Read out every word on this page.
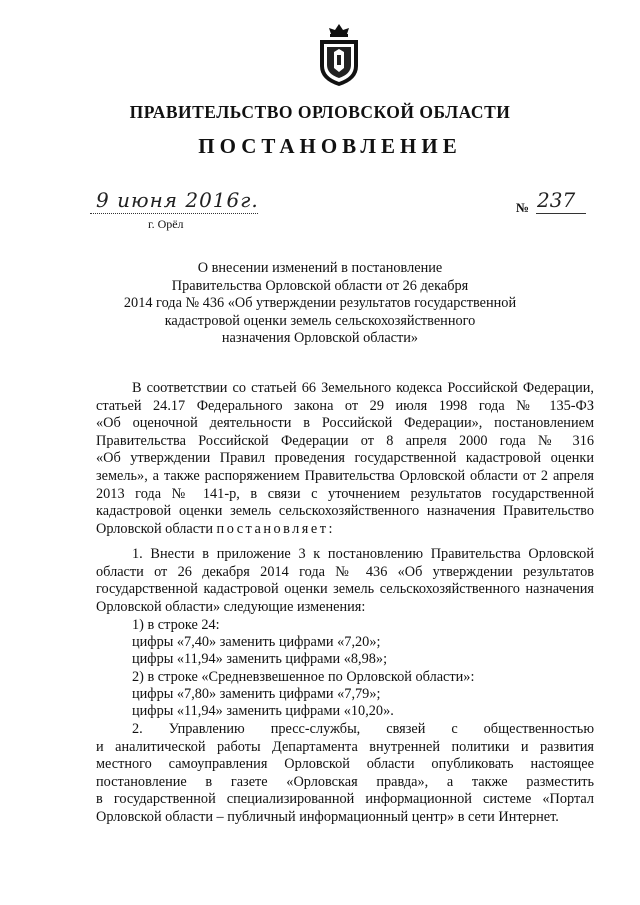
ПРАВИТЕЛЬСТВО ОРЛОВСКОЙ ОБЛАСТИ
ПОСТАНОВЛЕНИЕ
9 июня 2016г.
г. Орёл
№ 237
О внесении изменений в постановление
Правительства Орловской области от 26 декабря
2014 года № 436 «Об утверждении результатов государственной
кадастровой оценки земель сельскохозяйственного
назначения Орловской области»
В соответствии со статьей 66 Земельного кодекса Российской Федерации,
статьей 24.17 Федерального закона от 29 июля 1998 года № 135-ФЗ
«Об оценочной деятельности в Российской Федерации», постановлением
Правительства Российской Федерации от 8 апреля 2000 года № 316
«Об утверждении Правил проведения государственной кадастровой оценки
земель», а также распоряжением Правительства Орловской области от 2 апреля
2013 года № 141-р, в связи с уточнением результатов государственной
кадастровой оценки земель сельскохозяйственного назначения Правительство
Орловской области постановляет:
1. Внести в приложение 3 к постановлению Правительства Орловской
области от 26 декабря 2014 года № 436 «Об утверждении результатов
государственной кадастровой оценки земель сельскохозяйственного назначения
Орловской области» следующие изменения:
1) в строке 24:
цифры «7,40» заменить цифрами «7,20»;
цифры «11,94» заменить цифрами «8,98»;
2) в строке «Средневзвешенное по Орловской области»:
цифры «7,80» заменить цифрами «7,79»;
цифры «11,94» заменить цифрами «10,20».
2. Управлению пресс-службы, связей с общественностью
и аналитической работы Департамента внутренней политики и развития
местного самоуправления Орловской области опубликовать настоящее
постановление в газете «Орловская правда», а также разместить
в государственной специализированной информационной системе «Портал
Орловской области – публичный информационный центр» в сети Интернет.
